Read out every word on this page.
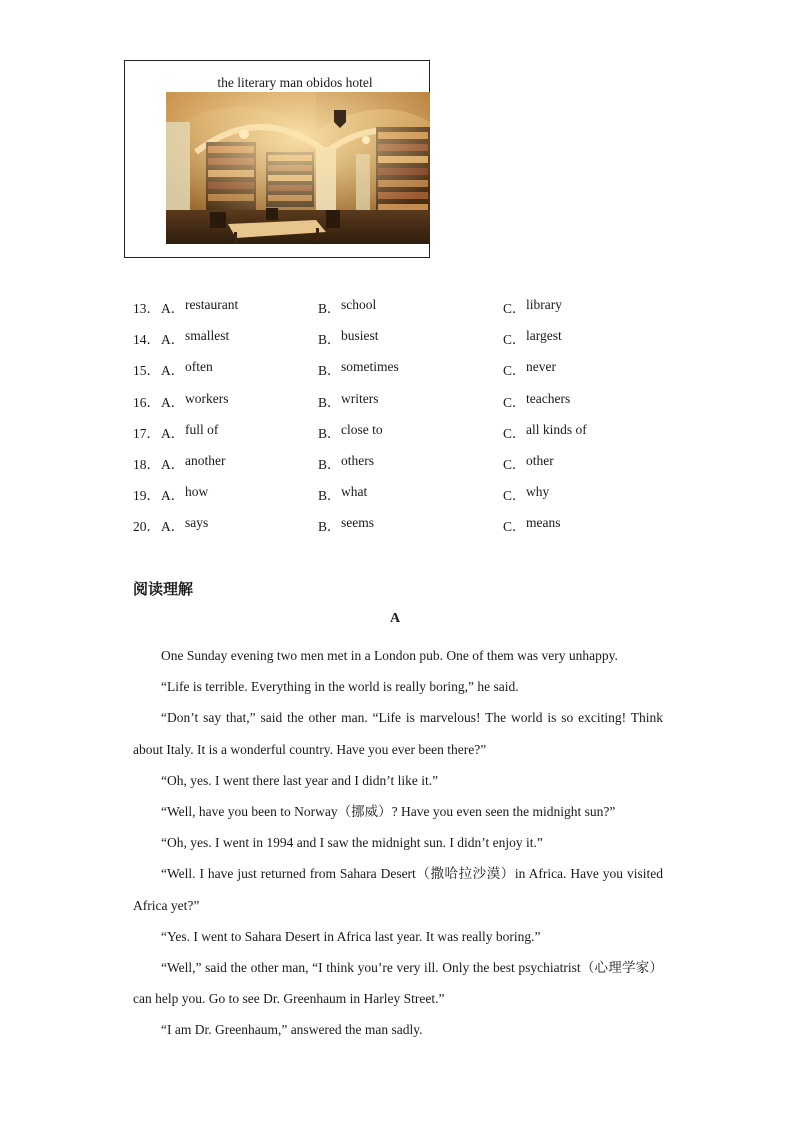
the literary man obidos hotel
13． A． restaurant	B． school	C． library
14． A． smallest	B． busiest	C． largest
15． A． often	B． sometimes	C． never
16． A． workers	B． writers	C． teachers
17． A． full of	B． close to	C． all kinds of
18． A． another	B． others	C． other
19． A． how	B． what	C． why
20． A． says	B． seems	C． means
阅读理解
A

One Sunday evening two men met in a London pub. One of them was very unhappy.

“Life is terrible. Everything in the world is really boring,” he said.

“Don’t say that,” said the other man. “Life is marvelous! The world is so exciting! Think about Italy. It is a wonderful country. Have you ever been there?”

“Oh, yes. I went there last year and I didn’t like it.”

“Well, have you been to Norway（挪威）? Have you even seen the midnight sun?”

“Oh, yes. I went in 1994 and I saw the midnight sun. I didn’t enjoy it.”

“Well. I have just returned from Sahara Desert（撒哈拉沙漠）in Africa. Have you visited Africa yet?”

“Yes. I went to Sahara Desert in Africa last year. It was really boring.”

“Well,” said the other man, “I think you’re very ill. Only the best psychiatrist（心理学家）can help you. Go to see Dr. Greenhaum in Harley Street.”

“I am Dr. Greenhaum,” answered the man sadly.
